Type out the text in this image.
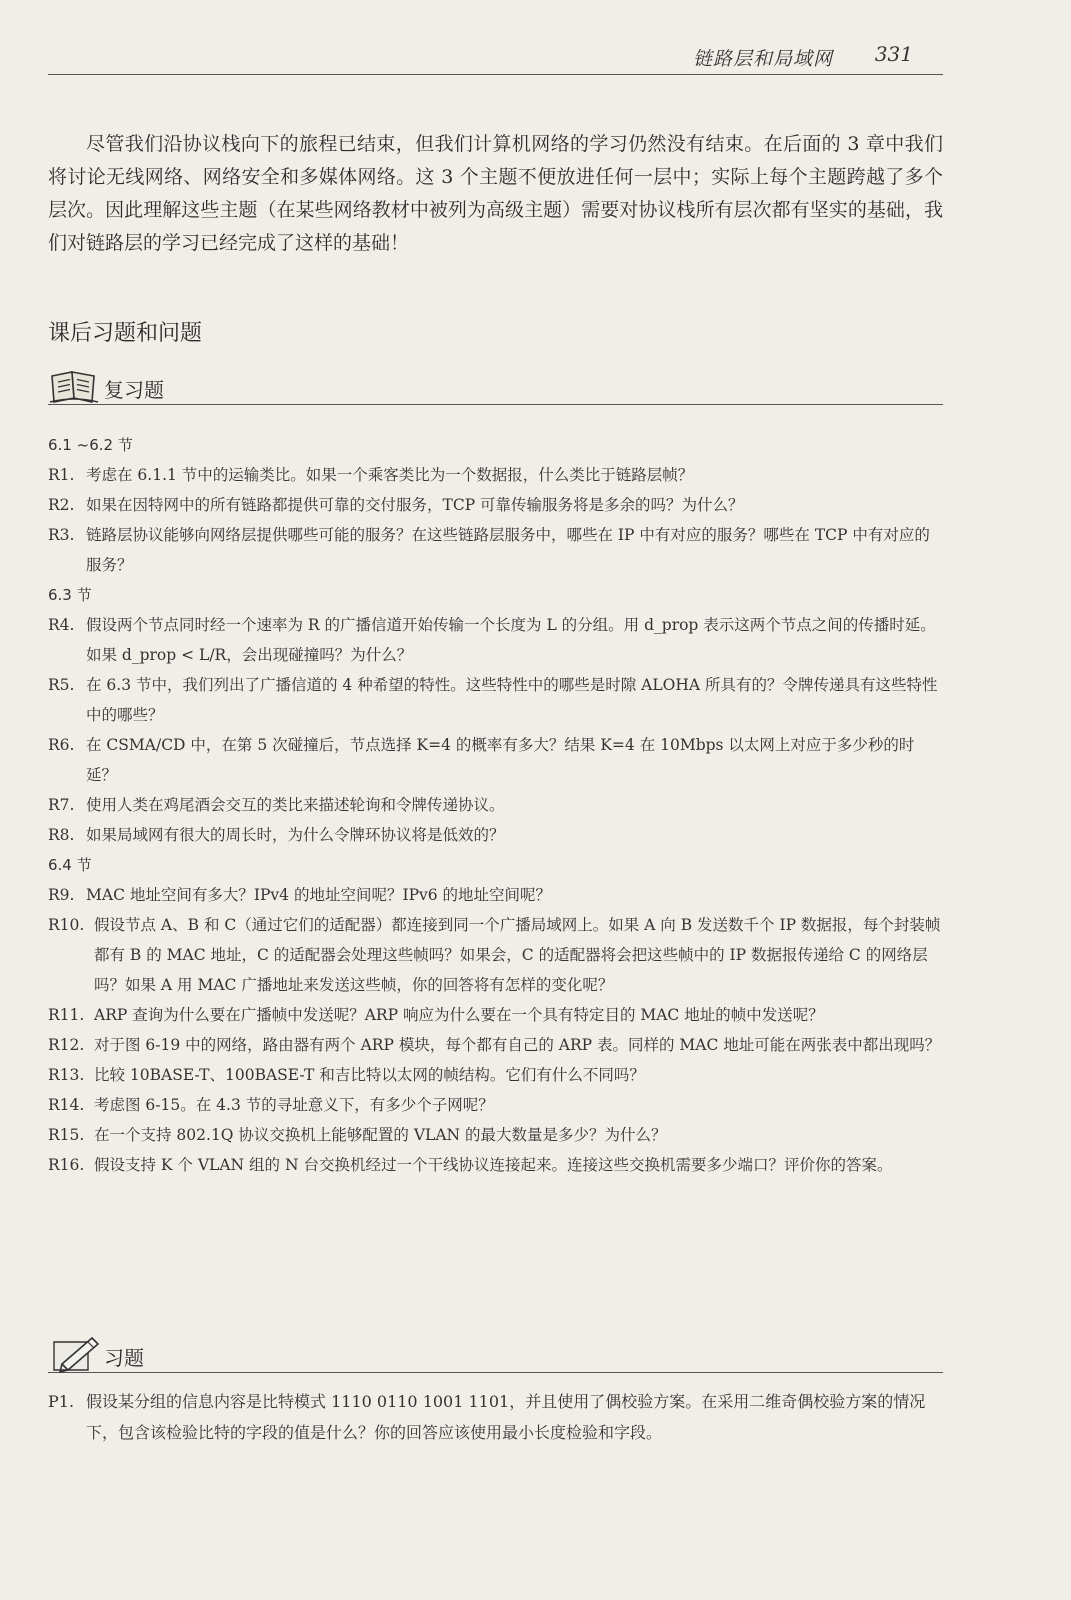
链路层和局域网 331

尽管我们沿协议栈向下的旅程已结束，但我们计算机网络的学习仍然没有结束。在后面的 3 章中我们将讨论无线网络、网络安全和多媒体网络。这 3 个主题不便放进任何一层中；实际上每个主题跨越了多个层次。因此理解这些主题（在某些网络教材中被列为高级主题）需要对协议栈所有层次都有坚实的基础，我们对链路层的学习已经完成了这样的基础！

课后习题和问题
复习题
6.1 ~6.2 节
R1. 考虑在 6.1.1 节中的运输类比。如果一个乘客类比为一个数据报，什么类比于链路层帧？
R2. 如果在因特网中的所有链路都提供可靠的交付服务，TCP 可靠传输服务将是多余的吗？为什么？
R3. 链路层协议能够向网络层提供哪些可能的服务？在这些链路层服务中，哪些在 IP 中有对应的服务？哪些在 TCP 中有对应的服务？
6.3 节
R4. 假设两个节点同时经一个速率为 R 的广播信道开始传输一个长度为 L 的分组。用 d_prop 表示这两个节点之间的传播时延。如果 d_prop < L/R，会出现碰撞吗？为什么？
R5. 在 6.3 节中，我们列出了广播信道的 4 种希望的特性。这些特性中的哪些是时隙 ALOHA 所具有的？令牌传递具有这些特性中的哪些？
R6. 在 CSMA/CD 中，在第 5 次碰撞后，节点选择 K=4 的概率有多大？结果 K=4 在 10Mbps 以太网上对应于多少秒的时延？
R7. 使用人类在鸡尾酒会交互的类比来描述轮询和令牌传递协议。
R8. 如果局域网有很大的周长时，为什么令牌环协议将是低效的？
6.4 节
R9. MAC 地址空间有多大？IPv4 的地址空间呢？IPv6 的地址空间呢？
R10. 假设节点 A、B 和 C（通过它们的适配器）都连接到同一个广播局域网上。如果 A 向 B 发送数千个 IP 数据报，每个封装帧都有 B 的 MAC 地址，C 的适配器会处理这些帧吗？如果会，C 的适配器将会把这些帧中的 IP 数据报传递给 C 的网络层吗？如果 A 用 MAC 广播地址来发送这些帧，你的回答将有怎样的变化呢？
R11. ARP 查询为什么要在广播帧中发送呢？ARP 响应为什么要在一个具有特定目的 MAC 地址的帧中发送呢？
R12. 对于图 6-19 中的网络，路由器有两个 ARP 模块，每个都有自己的 ARP 表。同样的 MAC 地址可能在两张表中都出现吗？
R13. 比较 10BASE-T、100BASE-T 和吉比特以太网的帧结构。它们有什么不同吗？
R14. 考虑图 6-15。在 4.3 节的寻址意义下，有多少个子网呢？
R15. 在一个支持 802.1Q 协议交换机上能够配置的 VLAN 的最大数量是多少？为什么？
R16. 假设支持 K 个 VLAN 组的 N 台交换机经过一个干线协议连接起来。连接这些交换机需要多少端口？评价你的答案。
习题
P1. 假设某分组的信息内容是比特模式 1110 0110 1001 1101，并且使用了偶校验方案。在采用二维奇偶校验方案的情况下，包含该检验比特的字段的值是什么？你的回答应该使用最小长度检验和字段。
